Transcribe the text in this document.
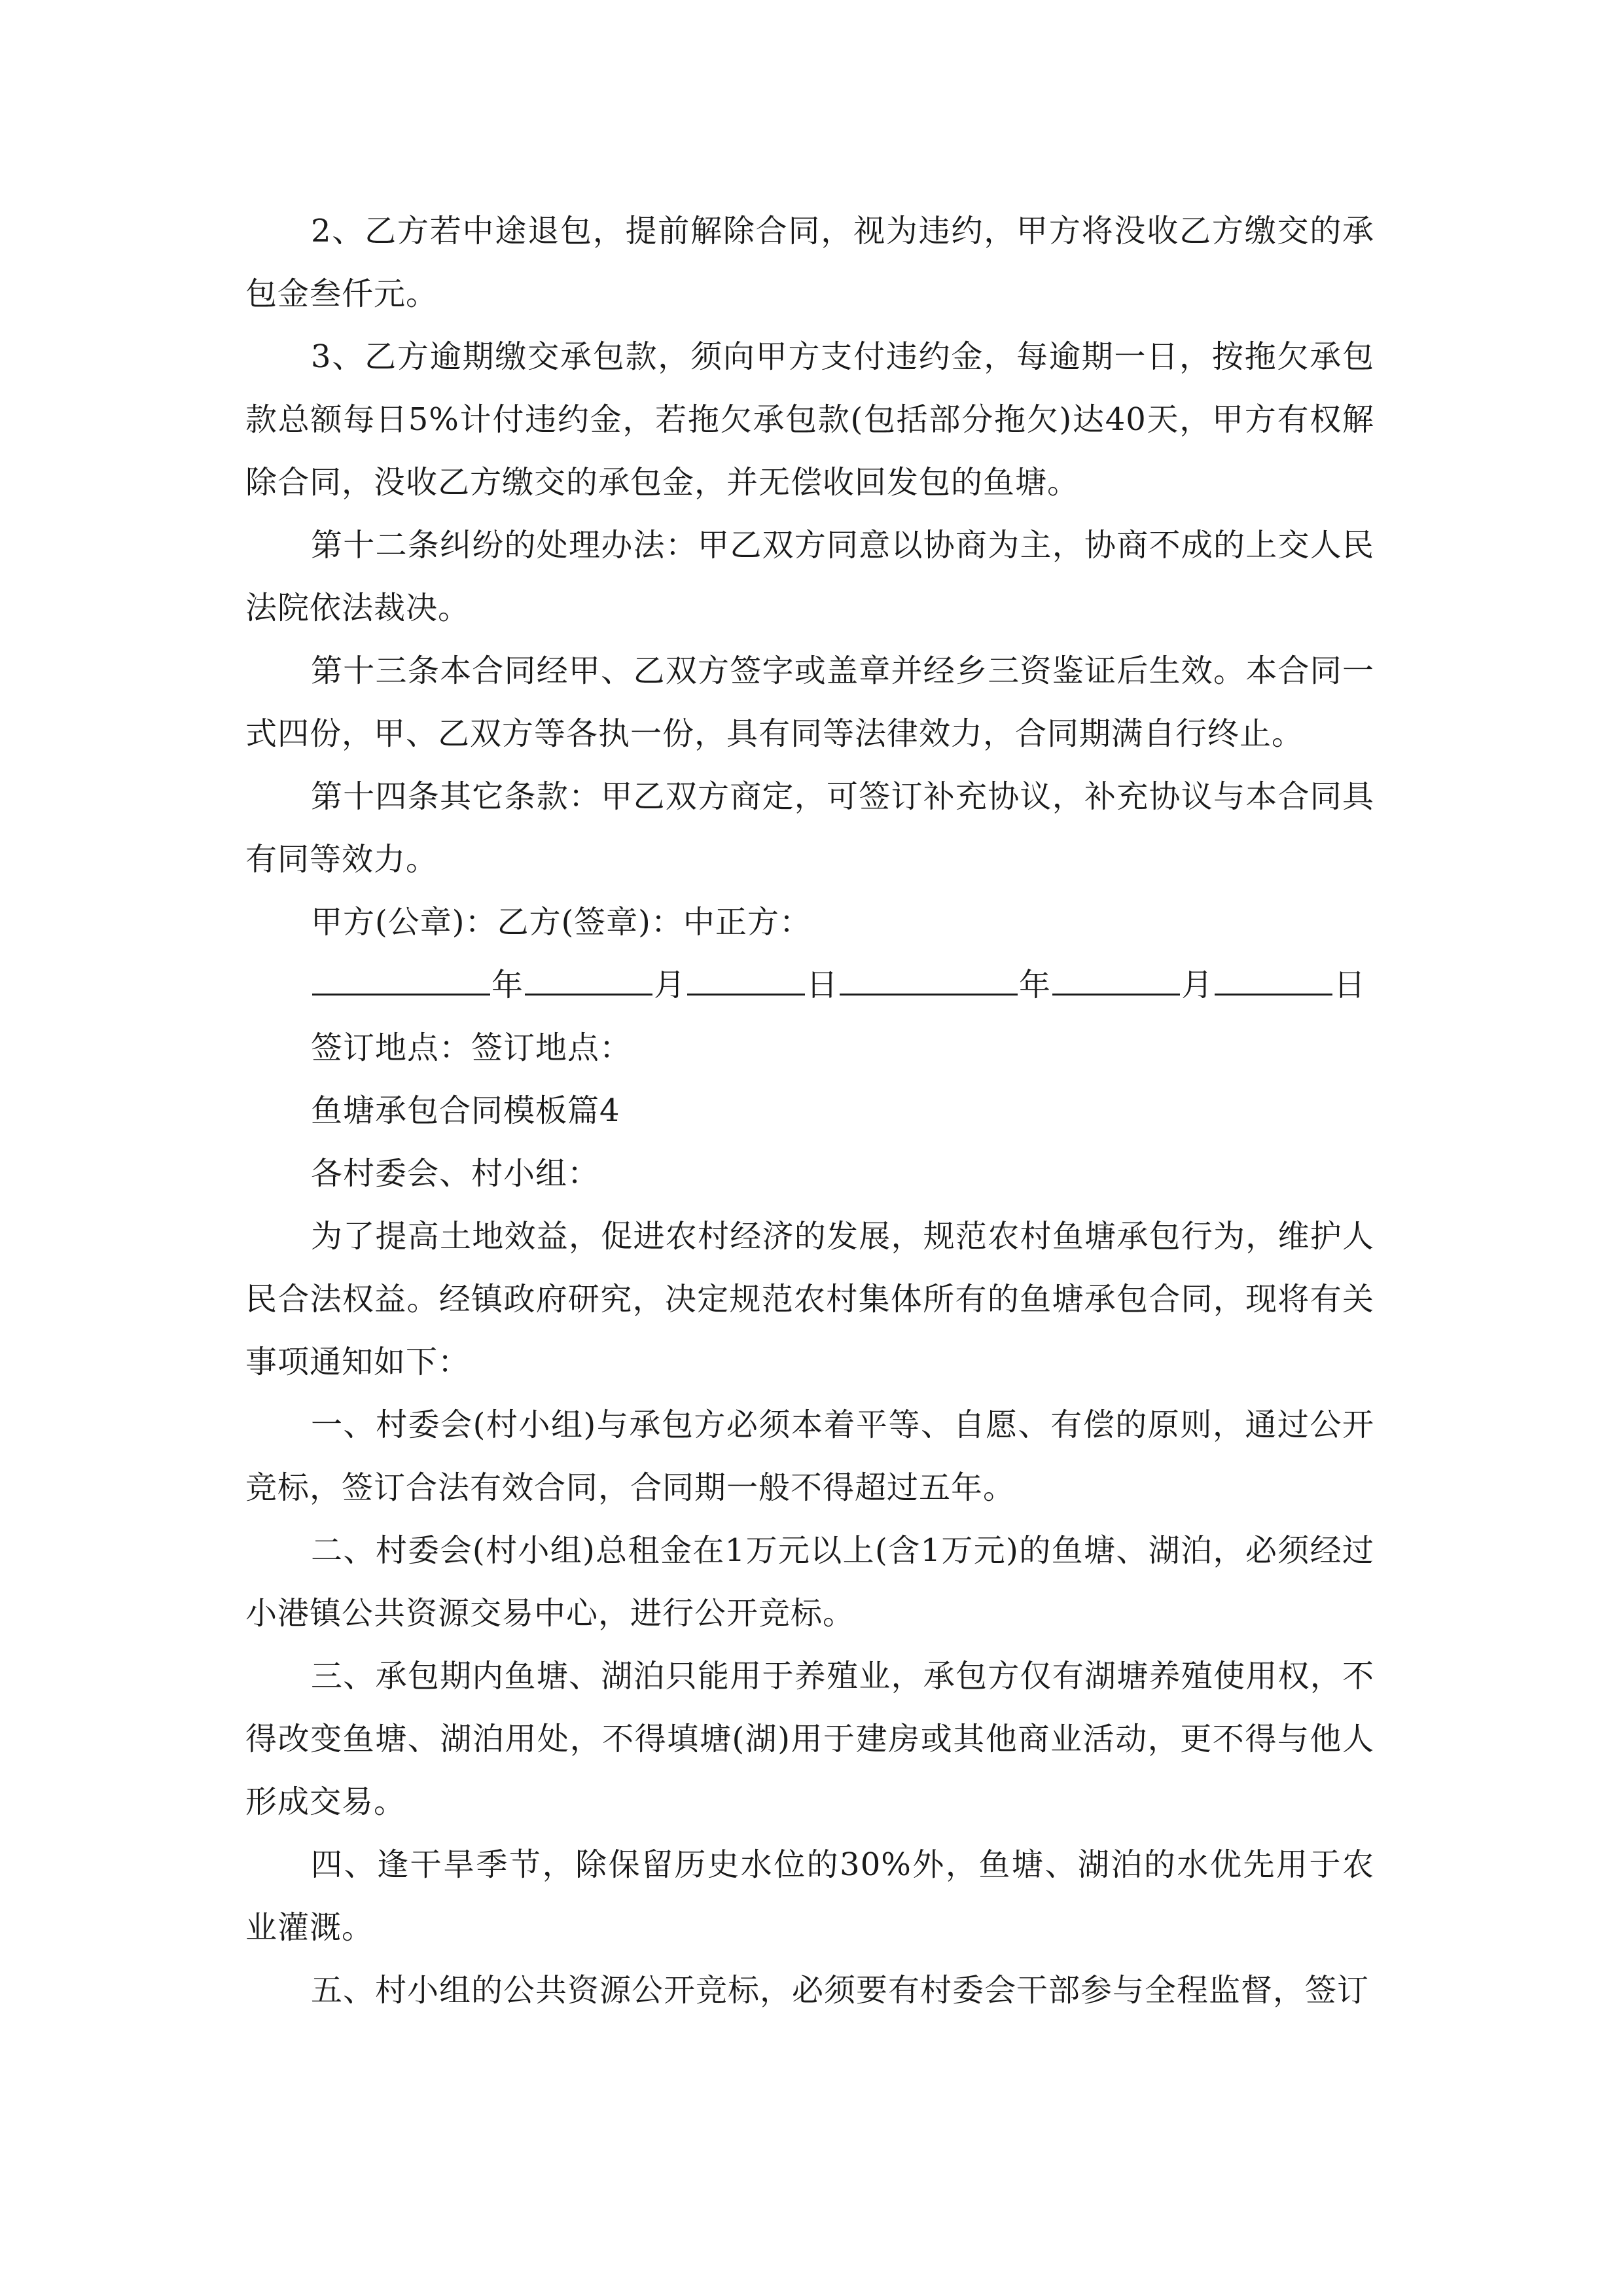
2、乙方若中途退包，提前解除合同，视为违约，甲方将没收乙方缴交的承包金叁仟元。

3、乙方逾期缴交承包款，须向甲方支付违约金，每逾期一日，按拖欠承包款总额每日5%计付违约金，若拖欠承包款(包括部分拖欠)达40天，甲方有权解除合同，没收乙方缴交的承包金，并无偿收回发包的鱼塘。

第十二条纠纷的处理办法：甲乙双方同意以协商为主，协商不成的上交人民法院依法裁决。

第十三条本合同经甲、乙双方签字或盖章并经乡三资鉴证后生效。本合同一式四份，甲、乙双方等各执一份，具有同等法律效力，合同期满自行终止。

第十四条其它条款：甲乙双方商定，可签订补充协议，补充协议与本合同具有同等效力。

甲方(公章)：乙方(签章)：中正方：

年	月	日	年	月	日

签订地点：签订地点：

鱼塘承包合同模板篇4

各村委会、村小组：

为了提高土地效益，促进农村经济的发展，规范农村鱼塘承包行为，维护人民合法权益。经镇政府研究，决定规范农村集体所有的鱼塘承包合同，现将有关事项通知如下：

一、村委会(村小组)与承包方必须本着平等、自愿、有偿的原则，通过公开竞标，签订合法有效合同，合同期一般不得超过五年。

二、村委会(村小组)总租金在1万元以上(含1万元)的鱼塘、湖泊，必须经过小港镇公共资源交易中心，进行公开竞标。

三、承包期内鱼塘、湖泊只能用于养殖业，承包方仅有湖塘养殖使用权，不得改变鱼塘、湖泊用处，不得填塘(湖)用于建房或其他商业活动，更不得与他人形成交易。

四、逢干旱季节，除保留历史水位的30%外，鱼塘、湖泊的水优先用于农业灌溉。

五、村小组的公共资源公开竞标，必须要有村委会干部参与全程监督，签订
